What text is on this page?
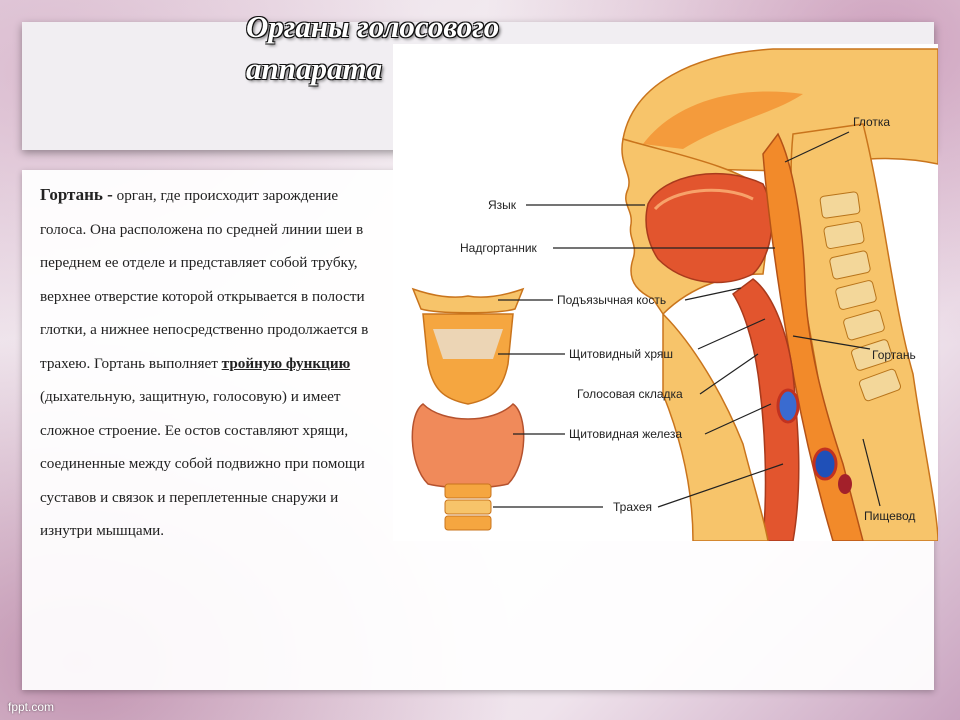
Органы голосового аппарата
Гортань - орган, где происходит зарождение голоса. Она расположена по средней линии шеи в переднем ее отделе и представляет собой трубку, верхнее отверстие которой открывается в полости глотки, а нижнее непосредственно продолжается в трахею. Гортань выполняет тройную функцию (дыхательную, защитную, голосовую) и имеет сложное строение. Ее остов составляют хрящи, соединенные между собой подвижно при помощи суставов и связок и переплетенные снаружи и изнутри мышцами.
Глотка
Язык
Надгортанник
Подъязычная кость
Щитовидный хряш	Гортань
Голосовая складка
Щитовидная железа
Трахея
Пищевод
fppt.com
